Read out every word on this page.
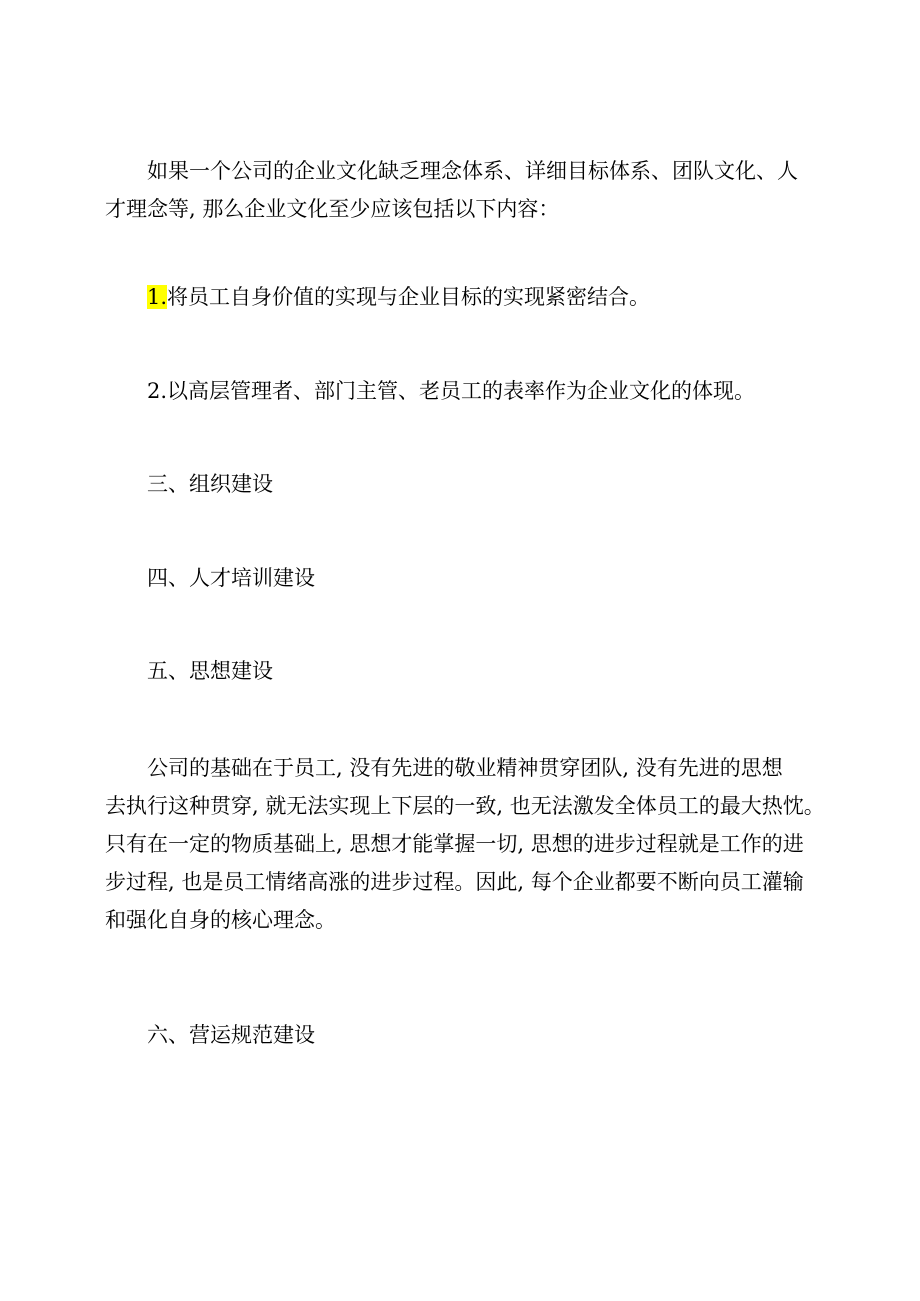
如果一个公司的企业文化缺乏理念体系、详细目标体系、团队文化、人
才理念等, 那么企业文化至少应该包括以下内容：

1.将员工自身价值的实现与企业目标的实现紧密结合。

2.以高层管理者、部门主管、老员工的表率作为企业文化的体现。

三、组织建设

四、人才培训建设

五、思想建设

公司的基础在于员工, 没有先进的敬业精神贯穿团队, 没有先进的思想
去执行这种贯穿, 就无法实现上下层的一致, 也无法激发全体员工的最大热忱。
只有在一定的物质基础上, 思想才能掌握一切, 思想的进步过程就是工作的进
步过程, 也是员工情绪高涨的进步过程。因此, 每个企业都要不断向员工灌输
和强化自身的核心理念。

六、营运规范建设
